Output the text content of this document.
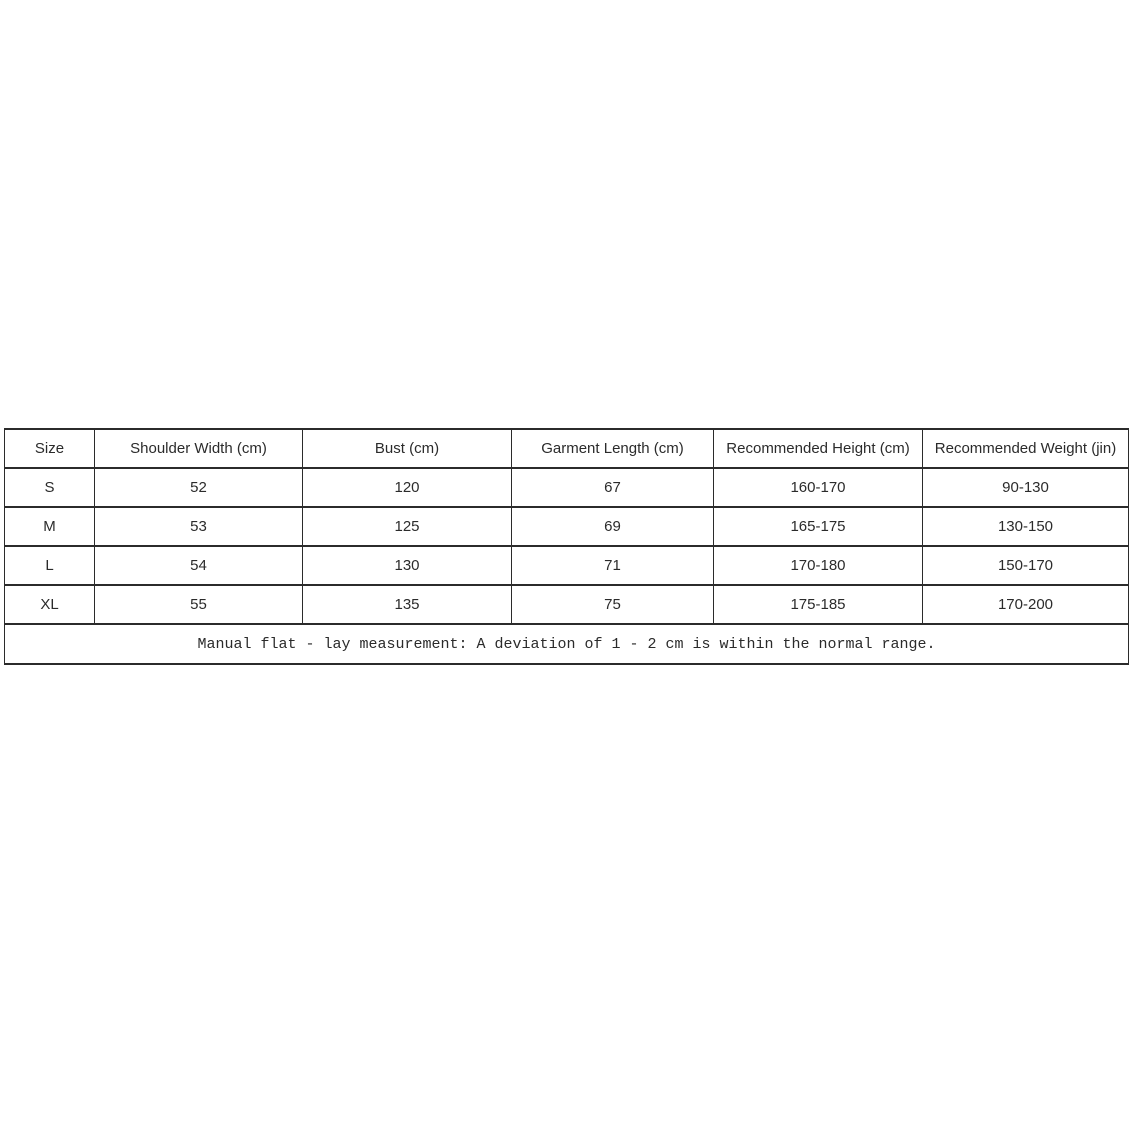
Size	Shoulder Width (cm)	Bust (cm)	Garment Length (cm)	Recommended Height (cm)	Recommended Weight (jin)
S	52	120	67	160-170	90-130
M	53	125	69	165-175	130-150
L	54	130	71	170-180	150-170
XL	55	135	75	175-185	170-200
Manual flat - lay measurement: A deviation of 1 - 2 cm is within the normal range.					
